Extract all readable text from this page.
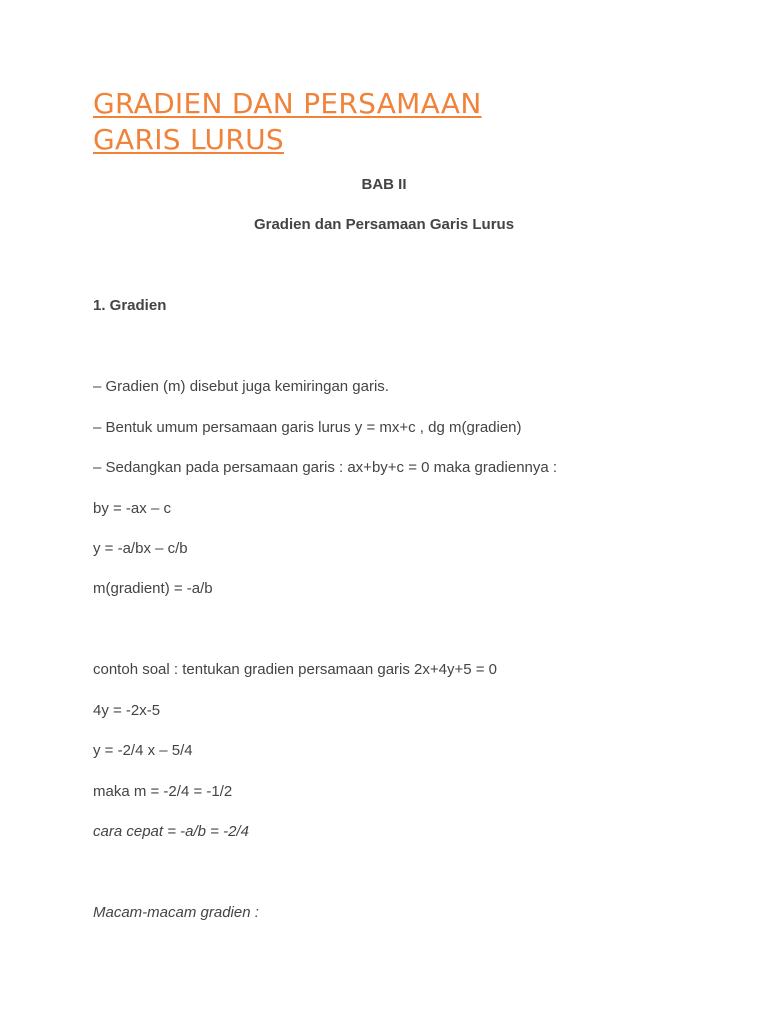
GRADIEN DAN PERSAMAAN
GARIS LURUS
BAB II
Gradien dan Persamaan Garis Lurus
1. Gradien
– Gradien (m) disebut juga kemiringan garis.
– Bentuk umum persamaan garis lurus y = mx+c , dg m(gradien)
– Sedangkan pada persamaan garis : ax+by+c = 0 maka gradiennya :
by = -ax – c
y = -a/bx – c/b
m(gradient) = -a/b
contoh soal : tentukan gradien persamaan garis 2x+4y+5 = 0
4y = -2x-5
y = -2/4 x – 5/4
maka m = -2/4 = -1/2
cara cepat = -a/b = -2/4
Macam-macam gradien :
